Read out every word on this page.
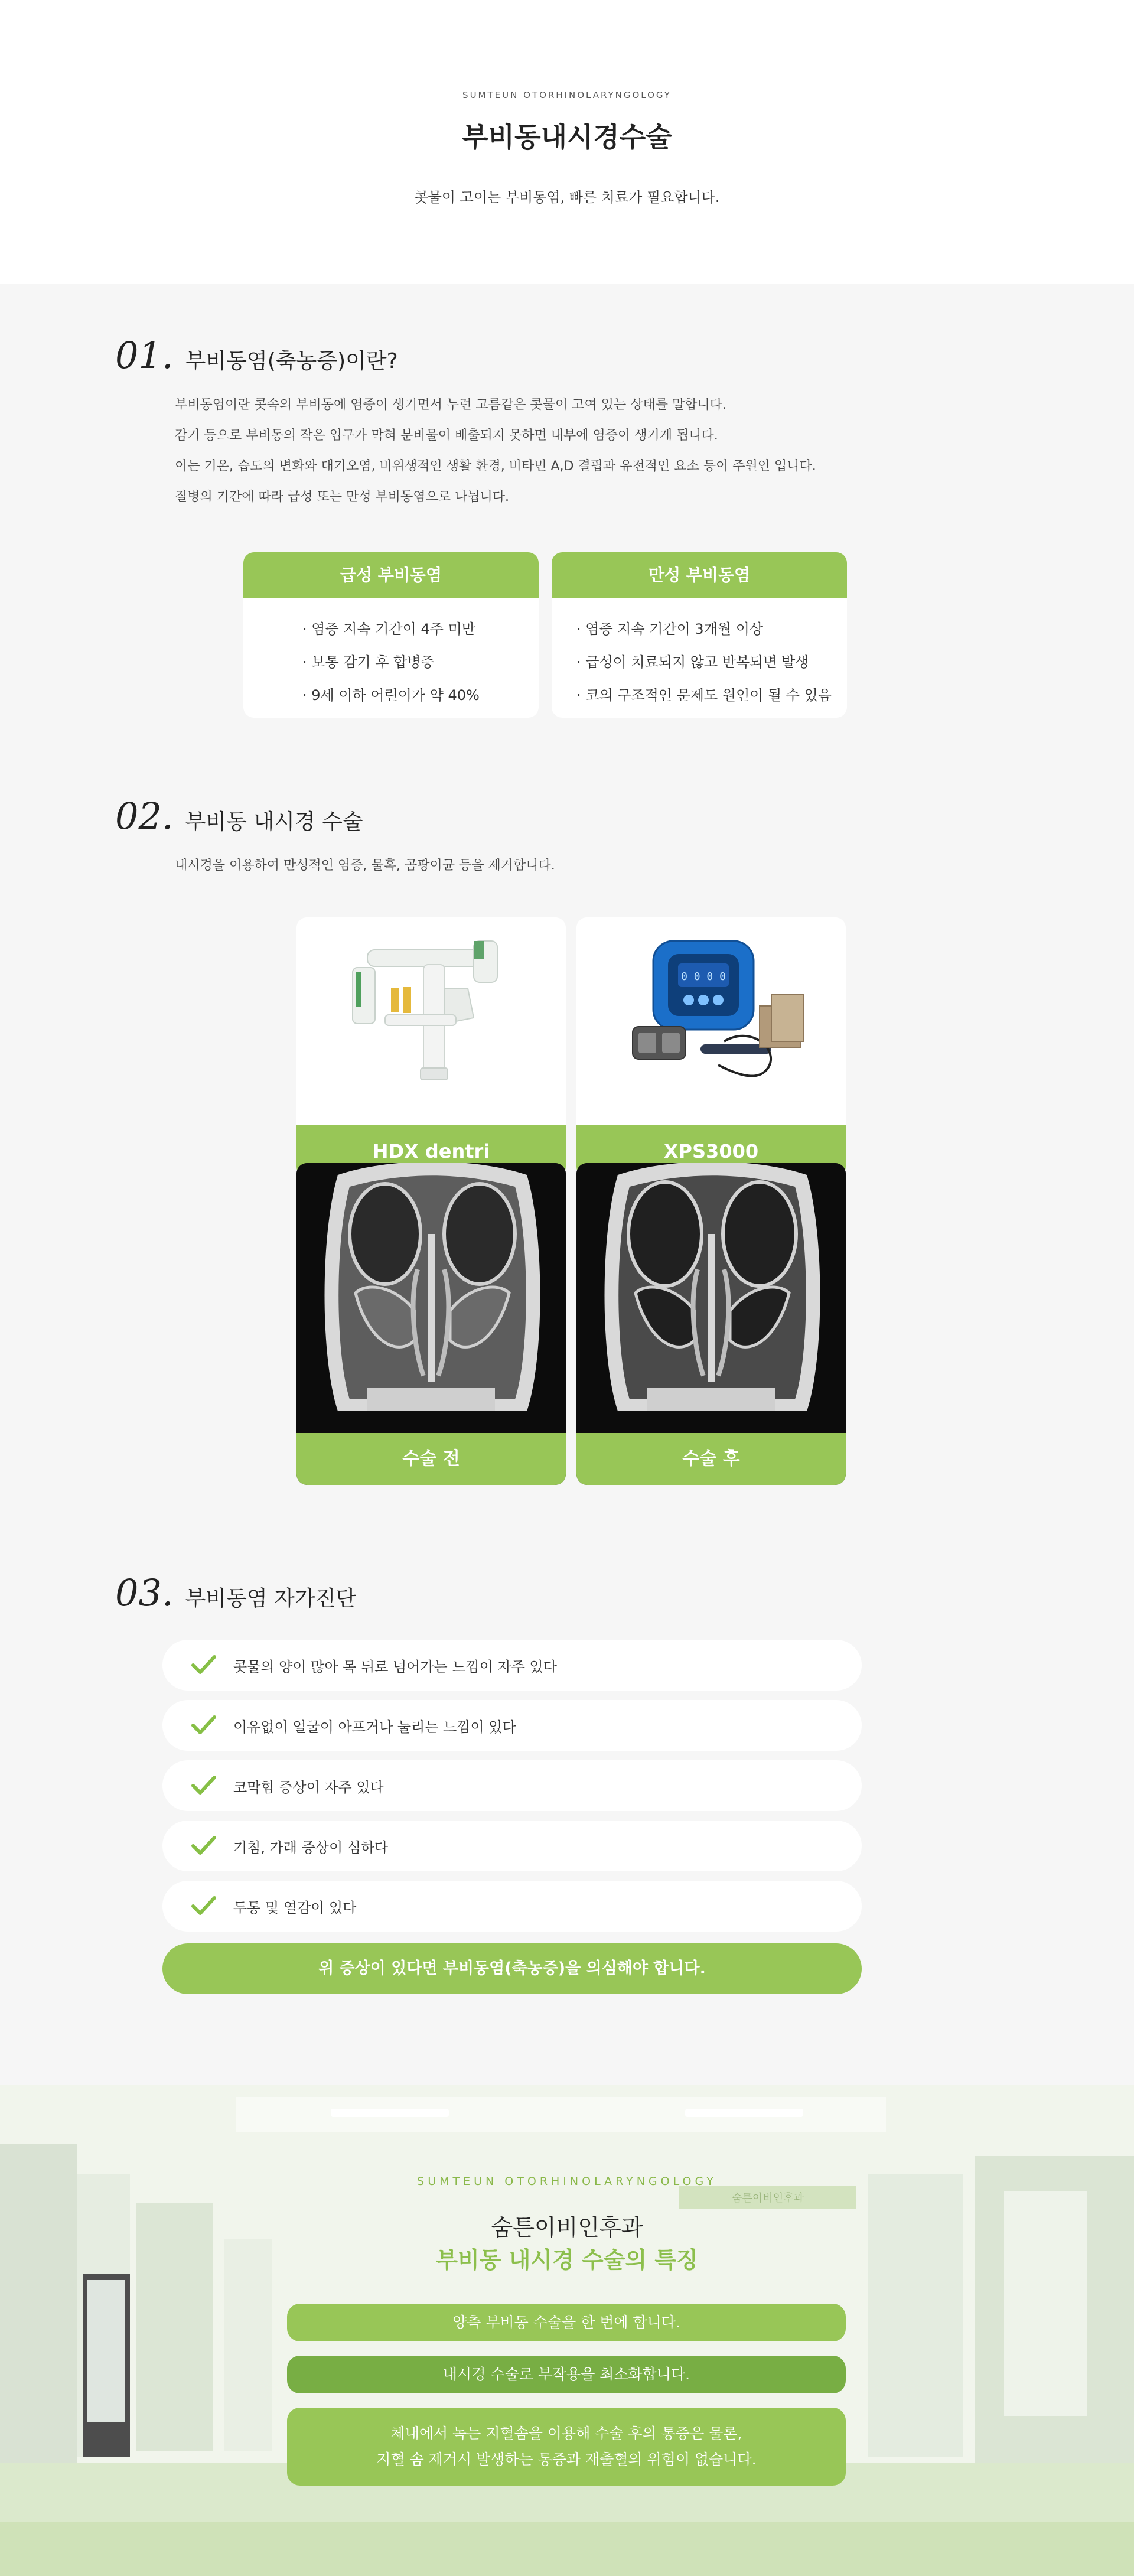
SUMTEUN OTORHINOLARYNGOLOGY
부비동내시경수술

콧물이 고이는 부비동염, 빠른 치료가 필요합니다.

01. 부비동염(축농증)이란?

부비동염이란 콧속의 부비동에 염증이 생기면서 누런 고름같은 콧물이 고여 있는 상태를 말합니다.

감기 등으로 부비동의 작은 입구가 막혀 분비물이 배출되지 못하면 내부에 염증이 생기게 됩니다.

이는 기온, 습도의 변화와 대기오염, 비위생적인 생활 환경, 비타민 A,D 결핍과 유전적인 요소 등이 주원인 입니다.

질병의 기간에 따라 급성 또는 만성 부비동염으로 나뉩니다.

급성 부비동염
· 염증 지속 기간이 4주 미만
· 보통 감기 후 합병증
· 9세 이하 어린이가 약 40%
만성 부비동염
· 염증 지속 기간이 3개월 이상
· 급성이 치료되지 않고 반복되면 발생
· 코의 구조적인 문제도 원인이 될 수 있음
02. 부비동 내시경 수술
내시경을 이용하여 만성적인 염증, 물혹, 곰팡이균 등을 제거합니다.
HDX dentri
0 0 0 0
XPS3000
수술 전	수술 후
03. 부비동염 자가진단
콧물의 양이 많아 목 뒤로 넘어가는 느낌이 자주 있다
이유없이 얼굴이 아프거나 눌리는 느낌이 있다
코막힘 증상이 자주 있다
기침, 가래 증상이 심하다
두통 및 열감이 있다
위 증상이 있다면 부비동염(축농증)을 의심해야 합니다.
숨튼이비인후과
SUMTEUN OTORHINOLARYNGOLOGY
숨튼이비인후과
부비동 내시경 수술의 특징
양측 부비동 수술을 한 번에 합니다.
내시경 수술로 부작용을 최소화합니다.
체내에서 녹는 지혈솜을 이용해 수술 후의 통증은 물론,
지혈 솜 제거시 발생하는 통증과 재출혈의 위험이 없습니다.
